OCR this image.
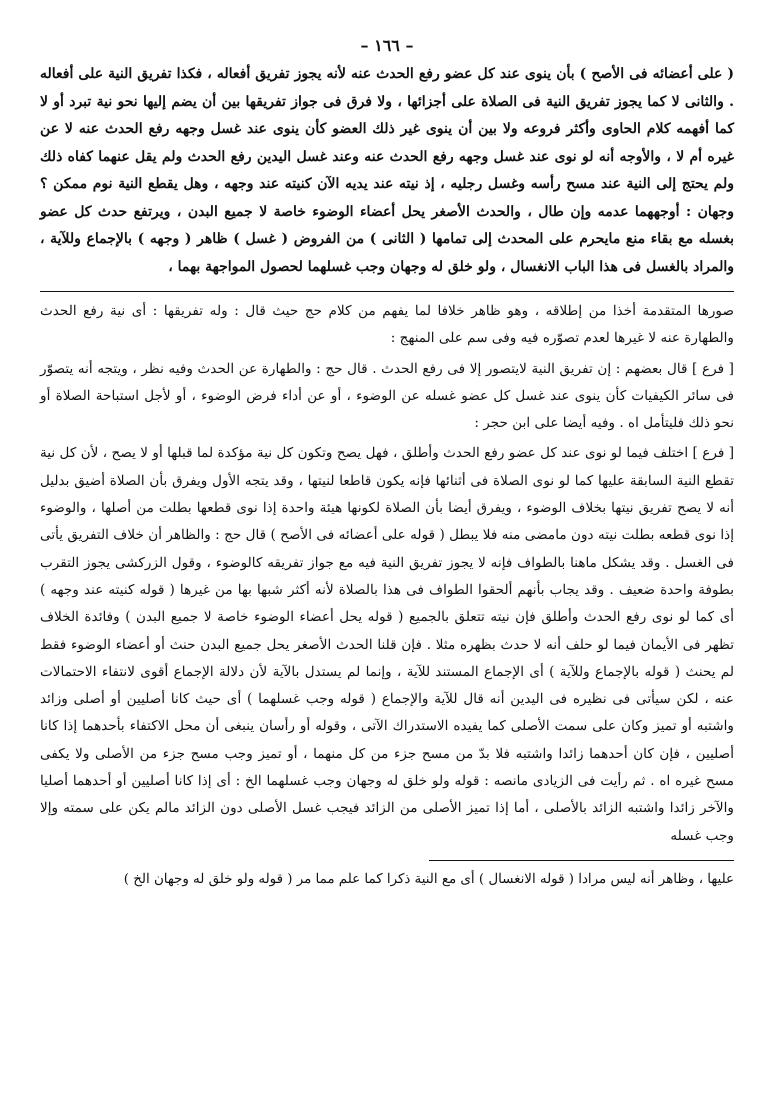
– ١٦٦ –

( على أعضائه فى الأصح ) بأن ينوى عند كل عضو رفع الحدث عنه لأنه يجوز تفريق أفعاله ، فكذا تفريق النية على أفعاله . والثانى لا كما يجوز تفريق النية فى الصلاة على أجزائها ، ولا فرق فى جواز تفريقها بين أن يضم إليها نحو نية تبرد أو لا كما أفهمه كلام الحاوى وأكثر فروعه ولا بين أن ينوى غير ذلك العضو كأن ينوى عند غسل وجهه رفع الحدث عنه لا عن غيره أم لا ، والأوجه أنه لو نوى عند غسل وجهه رفع الحدث عنه وعند غسل اليدين رفع الحدث ولم يقل عنهما كفاه ذلك ولم يحتج إلى النية عند مسح رأسه وغسل رجليه ، إذ نيته عند يديه الآن كنيته عند وجهه ، وهل يقطع النية نوم ممكن ؟ وجهان : أوجههما عدمه وإن طال ، والحدث الأصغر يحل أعضاء الوضوء خاصة لا جميع البدن ، ويرتفع حدث كل عضو بغسله مع بقاء منع مايحرم على المحدث إلى تمامها ( الثانى ) من الفروض ( غسل ) ظاهر ( وجهه ) بالإجماع وللآية ، والمراد بالغسل فى هذا الباب الانغسال ، ولو خلق له وجهان وجب غسلهما لحصول المواجهة بهما ،

صورها المتقدمة أخذا من إطلاقه ، وهو ظاهر خلافا لما يفهم من كلام حج حيث قال : وله تفريقها : أى نية رفع الحدث والطهارة عنه لا غيرها لعدم تصوّره فيه وفى سم على المنهج :

[ فرع ] قال بعضهم : إن تفريق النية لايتصور إلا فى رفع الحدث . قال حج : والطهارة عن الحدث وفيه نظر ، ويتجه أنه يتصوّر فى سائر الكيفيات كأن ينوى عند غسل كل عضو غسله عن الوضوء ، أو عن أداء فرض الوضوء ، أو لأجل استباحة الصلاة أو نحو ذلك فليتأمل اه . وفيه أيضا على ابن حجر :

[ فرع ] اختلف فيما لو نوى عند كل عضو رفع الحدث وأطلق ، فهل يصح وتكون كل نية مؤكدة لما قبلها أو لا يصح ، لأن كل نية تقطع النية السابقة عليها كما لو نوى الصلاة فى أثنائها فإنه يكون قاطعا لنيتها ، وقد يتجه الأول ويفرق بأن الصلاة أضيق بدليل أنه لا يصح تفريق نيتها بخلاف الوضوء ، ويفرق أيضا بأن الصلاة لكونها هيئة واحدة إذا نوى قطعها بطلت من أصلها ، والوضوء إذا نوى قطعه بطلت نيته دون مامضى منه فلا يبطل ( قوله على أعضائه فى الأصح ) قال حج : والظاهر أن خلاف التفريق يأتى فى الغسل . وقد يشكل ماهنا بالطواف فإنه لا يجوز تفريق النية فيه مع جواز تفريقه كالوضوء ، وقول الزركشى يجوز التقرب بطوفة واحدة ضعيف . وقد يجاب بأنهم ألحقوا الطواف فى هذا بالصلاة لأنه أكثر شبها بها من غيرها ( قوله كنيته عند وجهه ) أى كما لو نوى رفع الحدث وأطلق فإن نيته تتعلق بالجميع ( قوله يحل أعضاء الوضوء خاصة لا جميع البدن ) وفائدة الخلاف تظهر فى الأيمان فيما لو حلف أنه لا حدث بظهره مثلا . فإن قلنا الحدث الأصغر يحل جميع البدن حنث أو أعضاء الوضوء فقط لم يحنث ( قوله بالإجماع وللآية ) أى الإجماع المستند للآية ، وإنما لم يستدل بالآية لأن دلالة الإجماع أقوى لانتفاء الاحتمالات عنه ، لكن سيأتى فى نظيره فى اليدين أنه قال للآية والإجماع ( قوله وجب غسلهما ) أى حيث كانا أصليين أو أصلى وزائد واشتبه أو تميز وكان على سمت الأصلى كما يفيده الاستدراك الآتى ، وقوله أو رأسان ينبغى أن محل الاكتفاء بأحدهما إذا كانا أصليين ، فإن كان أحدهما زائدا واشتبه فلا بدّ من مسح جزء من كل منهما ، أو تميز وجب مسح جزء من الأصلى ولا يكفى مسح غيره اه . ثم رأيت فى الزيادى مانصه : قوله ولو خلق له وجهان وجب غسلهما الخ : أى إذا كانا أصليين أو أحدهما أصليا والآخر زائدا واشتبه الزائد بالأصلى ، أما إذا تميز الأصلى من الزائد فيجب غسل الأصلى دون الزائد مالم يكن على سمته وإلا وجب غسله

عليها ، وظاهر أنه ليس مرادا ( قوله الانغسال ) أى مع النية ذكرا كما علم مما مر ( قوله ولو خلق له وجهان الخ )
